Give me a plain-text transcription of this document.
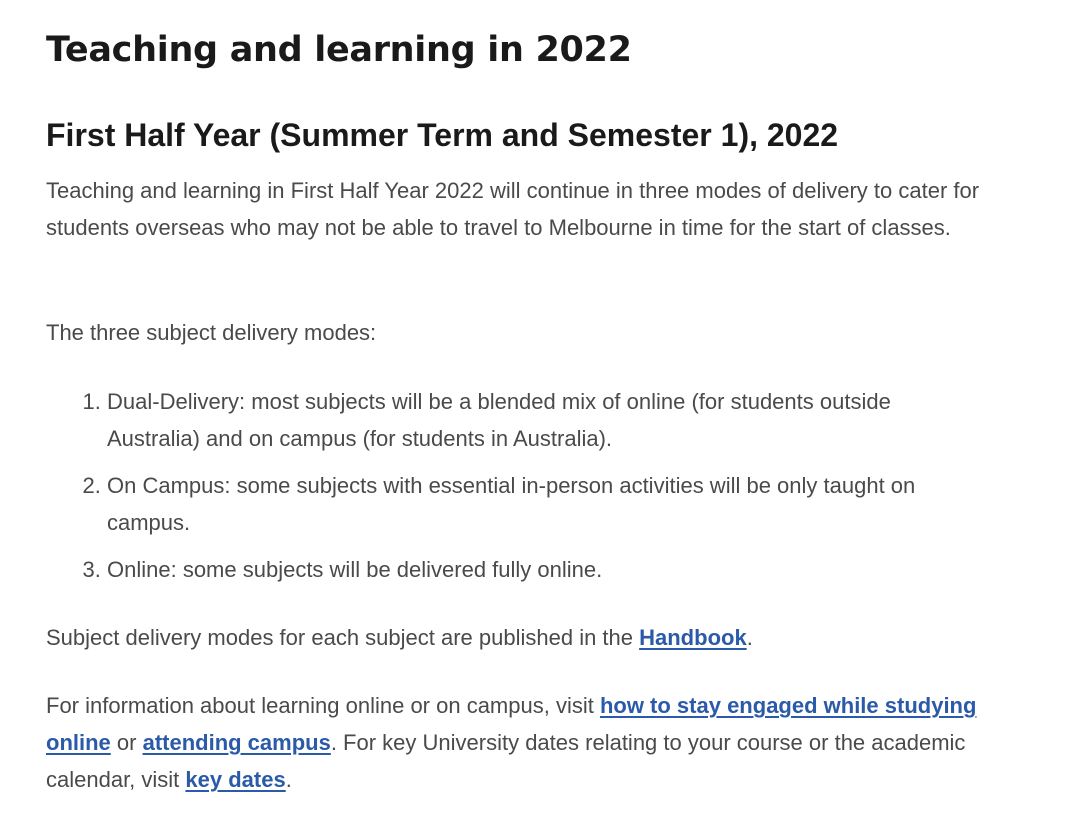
Teaching and learning in 2022
First Half Year (Summer Term and Semester 1), 2022

Teaching and learning in First Half Year 2022 will continue in three modes of delivery to cater for students overseas who may not be able to travel to Melbourne in time for the start of classes.

The three subject delivery modes:

1. Dual-Delivery: most subjects will be a blended mix of online (for students outside Australia) and on campus (for students in Australia).
2. On Campus: some subjects with essential in-person activities will be only taught on campus.
3. Online: some subjects will be delivered fully online.

Subject delivery modes for each subject are published in the Handbook.

For information about learning online or on campus, visit how to stay engaged while studying online or attending campus. For key University dates relating to your course or the academic calendar, visit key dates.
